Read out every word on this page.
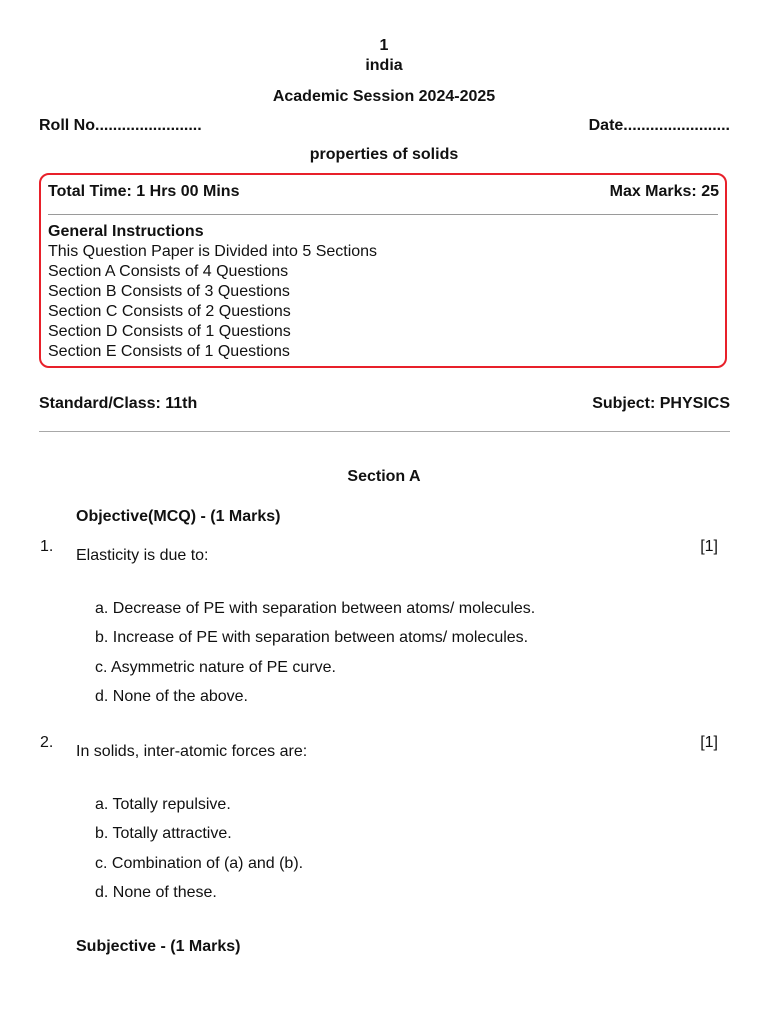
1
india
Academic Session 2024-2025
Roll No........................	Date........................
properties of solids
Total Time: 1 Hrs 00 Mins	Max Marks: 25
General Instructions
This Question Paper is Divided into 5 Sections
Section A Consists of 4 Questions
Section B Consists of 3 Questions
Section C Consists of 2 Questions
Section D Consists of 1 Questions
Section E Consists of 1 Questions
Standard/Class: 11th	Subject: PHYSICS
Section A
Objective(MCQ) - (1 Marks)
1.
Elasticity is due to:
[1]
a. Decrease of PE with separation between atoms/ molecules.
b. Increase of PE with separation between atoms/ molecules.
c. Asymmetric nature of PE curve.
d. None of the above.
2.
In solids, inter-atomic forces are:
[1]
a. Totally repulsive.
b. Totally attractive.
c. Combination of (a) and (b).
d. None of these.
Subjective - (1 Marks)
